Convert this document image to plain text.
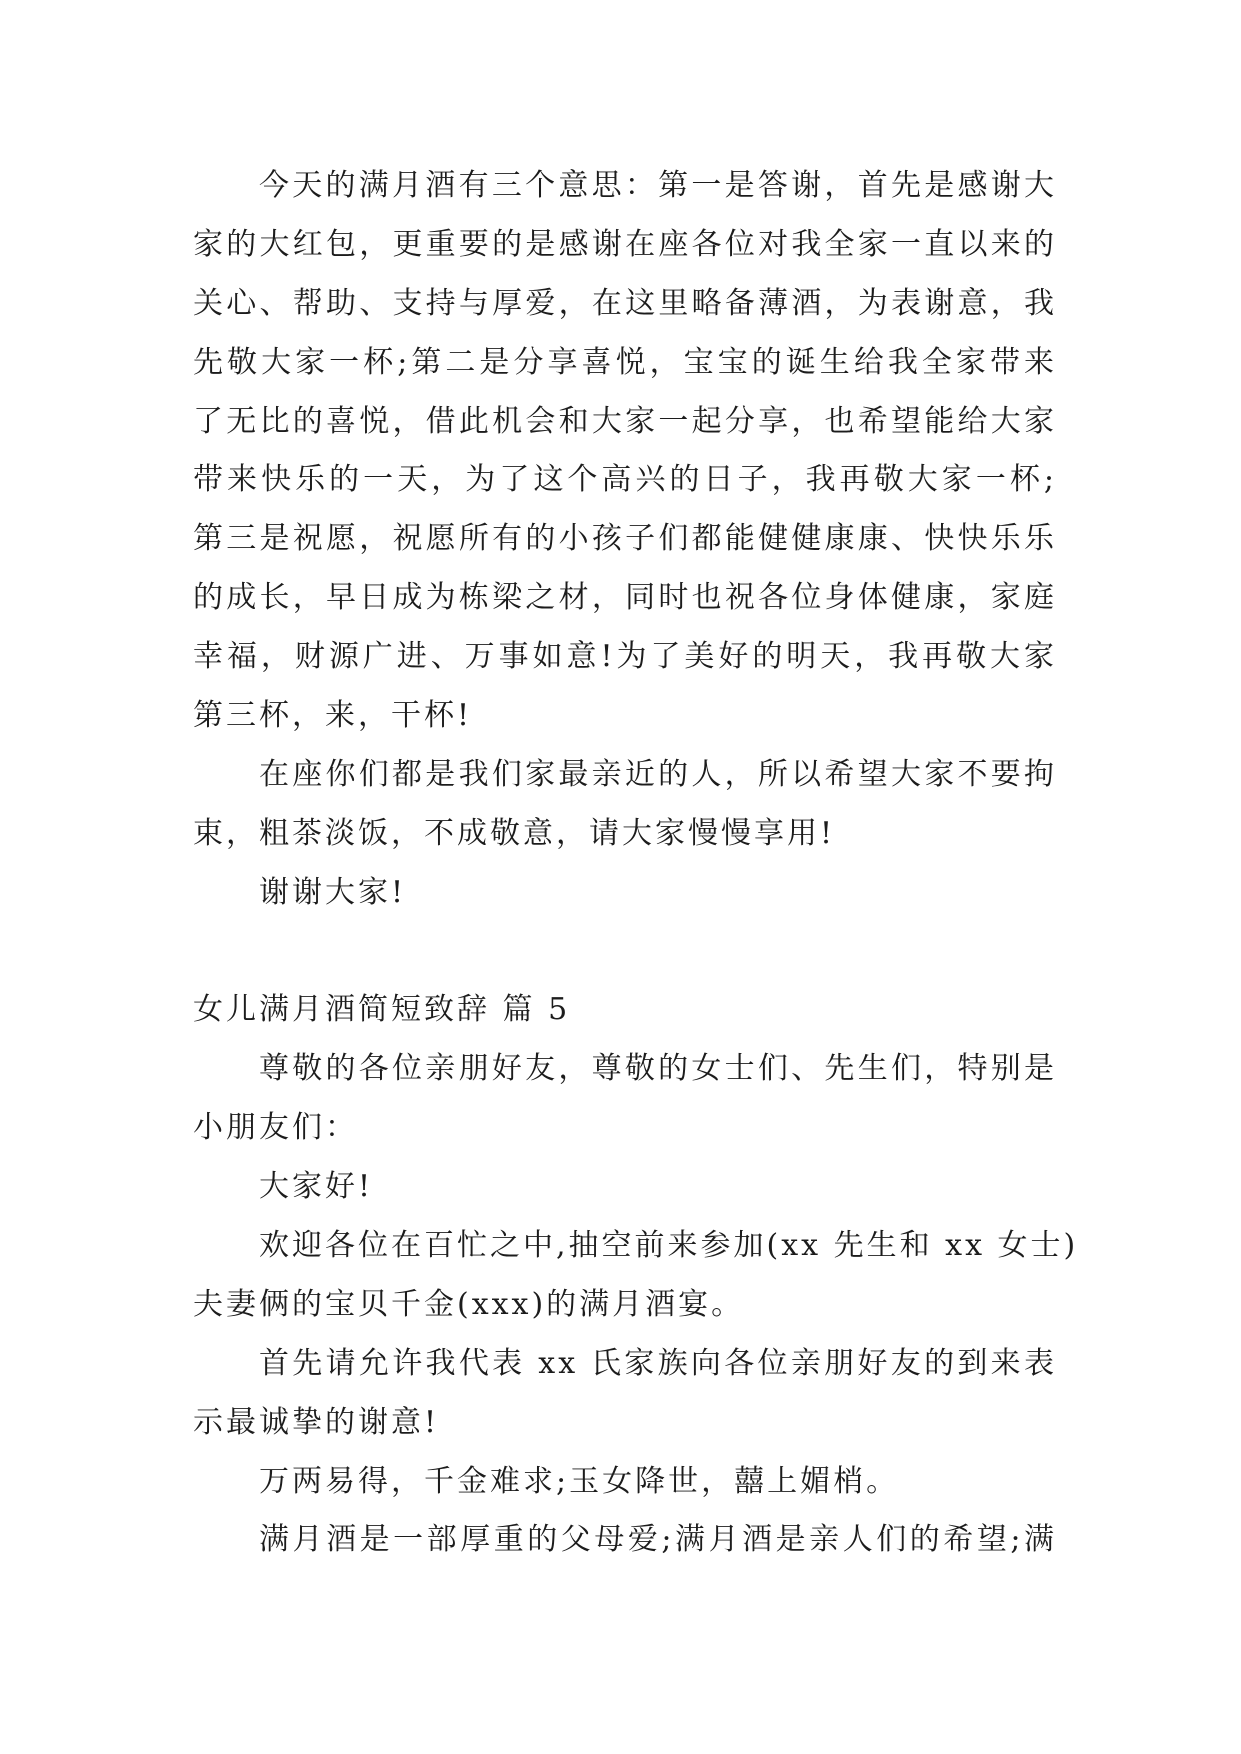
今天的满月酒有三个意思：第一是答谢，首先是感谢大
家的大红包，更重要的是感谢在座各位对我全家一直以来的
关心、帮助、支持与厚爱，在这里略备薄酒，为表谢意，我
先敬大家一杯;第二是分享喜悦，宝宝的诞生给我全家带来
了无比的喜悦，借此机会和大家一起分享，也希望能给大家
带来快乐的一天，为了这个高兴的日子，我再敬大家一杯;
第三是祝愿，祝愿所有的小孩子们都能健健康康、快快乐乐
的成长，早日成为栋梁之材，同时也祝各位身体健康，家庭
幸福，财源广进、万事如意!为了美好的明天，我再敬大家
第三杯，来，干杯!
在座你们都是我们家最亲近的人，所以希望大家不要拘
束，粗茶淡饭，不成敬意，请大家慢慢享用!
谢谢大家!
女儿满月酒简短致辞 篇 5
尊敬的各位亲朋好友，尊敬的女士们、先生们，特别是
小朋友们：
大家好!
欢迎各位在百忙之中,抽空前来参加(xx 先生和 xx 女士)
夫妻俩的宝贝千金(xxx)的满月酒宴。
首先请允许我代表 xx 氏家族向各位亲朋好友的到来表
示最诚挚的谢意!
万两易得，千金难求;玉女降世，囍上媚梢。
满月酒是一部厚重的父母爱;满月酒是亲人们的希望;满
